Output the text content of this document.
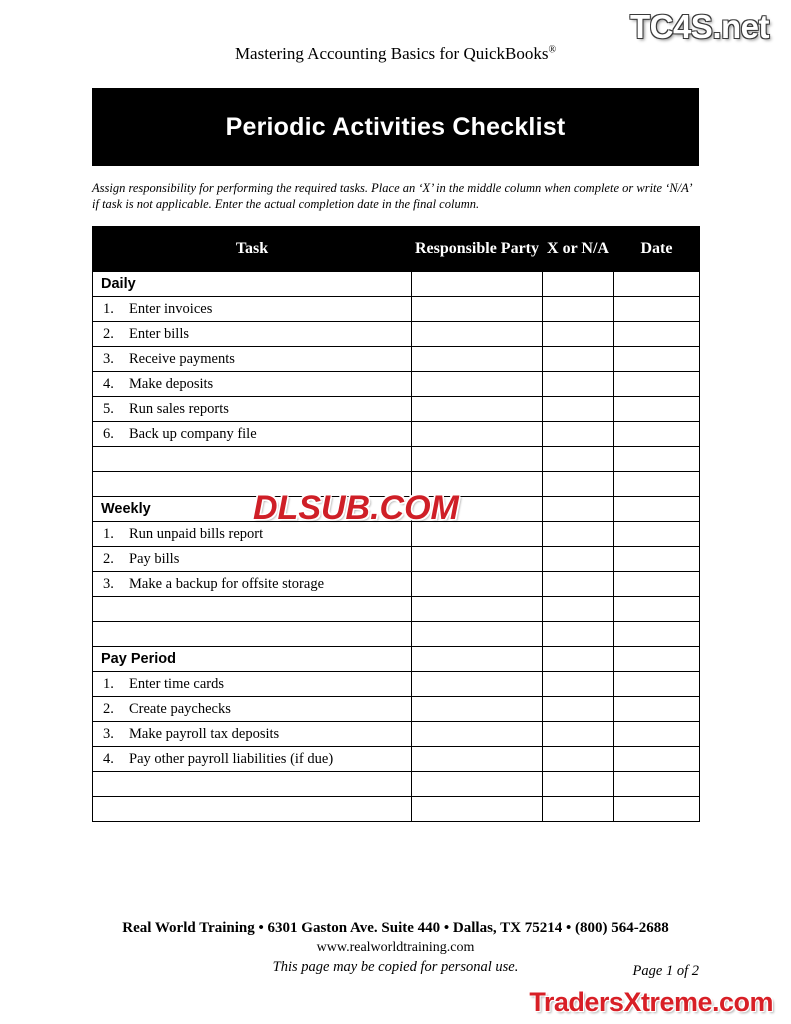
TC4S.net
Mastering Accounting Basics for QuickBooks®
Periodic Activities Checklist
Assign responsibility for performing the required tasks. Place an ‘X’ in the middle column when complete or write ‘N/A’ if task is not applicable. Enter the actual completion date in the final column.
Task	Responsible Party	X or N/A	Date
Daily			
1. Enter invoices			
2. Enter bills			
3. Receive payments			
4. Make deposits			
5. Run sales reports			
6. Back up company file			

Weekly			
1. Run unpaid bills report			
2. Pay bills			
3. Make a backup for offsite storage			

Pay Period			
1. Enter time cards			
2. Create paychecks			
3. Make payroll tax deposits			
4. Pay other payroll liabilities (if due)			

DLSUB.COM
Real World Training • 6301 Gaston Ave. Suite 440 • Dallas, TX 75214 • (800) 564-2688
www.realworldtraining.com
This page may be copied for personal use.	Page 1 of 2
TradersXtreme.com
